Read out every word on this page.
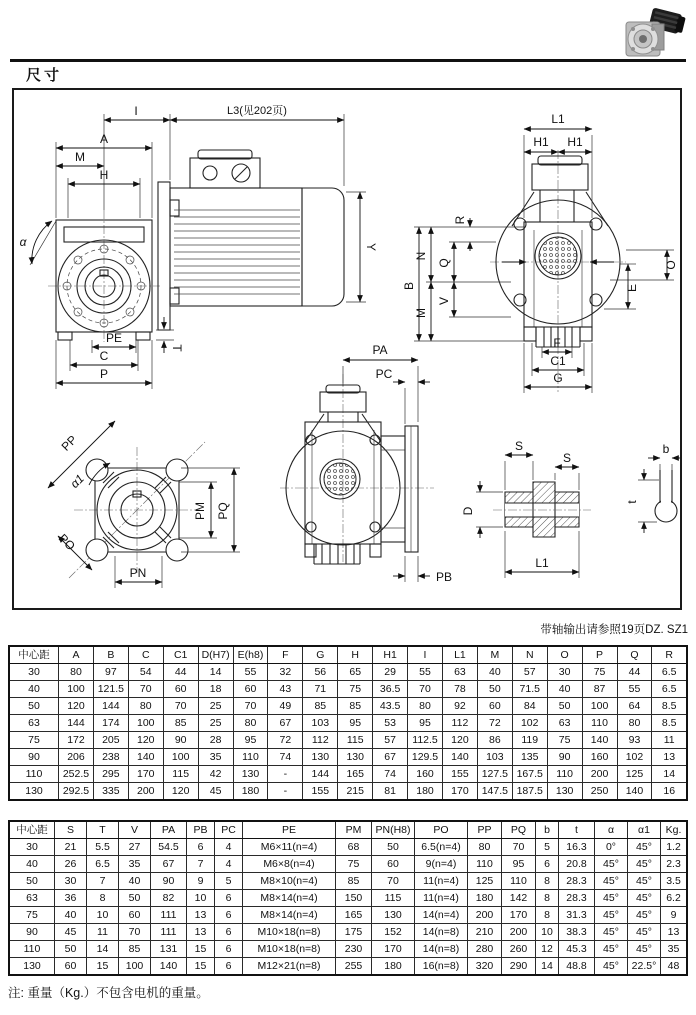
尺寸
α
I	L3(见202页)
A
M
H
Y
T
PE
C
P
L1
H1 H1
B
N
M
Q
V
R
O
E
F
C1
G
PP
α1
PO
PM PQ
PN
PA
PC
PB
D
S
S
L1
b
t
带轴输出请参照19页DZ. SZ1
中心距	A	B	C	C1	D(H7)	E(h8)	F	G	H	H1	I	L1	M	N	O	P	Q	R
30	80	97	54	44	14	55	32	56	65	29	55	63	40	57	30	75	44	6.5
40	100	121.5	70	60	18	60	43	71	75	36.5	70	78	50	71.5	40	87	55	6.5
50	120	144	80	70	25	70	49	85	85	43.5	80	92	60	84	50	100	64	8.5
63	144	174	100	85	25	80	67	103	95	53	95	112	72	102	63	110	80	8.5
75	172	205	120	90	28	95	72	112	115	57	112.5	120	86	119	75	140	93	11
90	206	238	140	100	35	110	74	130	130	67	129.5	140	103	135	90	160	102	13
110	252.5	295	170	115	42	130	-	144	165	74	160	155	127.5	167.5	110	200	125	14
130	292.5	335	200	120	45	180	-	155	215	81	180	170	147.5	187.5	130	250	140	16
中心距	S	T	V	PA	PB	PC	PE	PM	PN(H8)	PO	PP	PQ	b	t	α	α1	Kg.
30	21	5.5	27	54.5	6	4	M6×11(n=4)	68	50	6.5(n=4)	80	70	5	16.3	0°	45°	1.2
40	26	6.5	35	67	7	4	M6×8(n=4)	75	60	9(n=4)	110	95	6	20.8	45°	45°	2.3
50	30	7	40	90	9	5	M8×10(n=4)	85	70	11(n=4)	125	110	8	28.3	45°	45°	3.5
63	36	8	50	82	10	6	M8×14(n=4)	150	115	11(n=4)	180	142	8	28.3	45°	45°	6.2
75	40	10	60	111	13	6	M8×14(n=4)	165	130	14(n=4)	200	170	8	31.3	45°	45°	9
90	45	11	70	111	13	6	M10×18(n=8)	175	152	14(n=8)	210	200	10	38.3	45°	45°	13
110	50	14	85	131	15	6	M10×18(n=8)	230	170	14(n=8)	280	260	12	45.3	45°	45°	35
130	60	15	100	140	15	6	M12×21(n=8)	255	180	16(n=8)	320	290	14	48.8	45°	22.5°	48
注: 重量（Kg.）不包含电机的重量。
